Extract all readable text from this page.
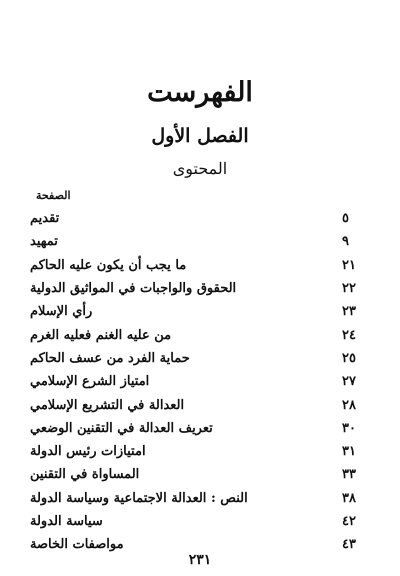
الفهرست
الفصل الأول
المحتوى
الصفحة
تقديم	٥
تمهيد	٩
ما يجب أن يكون عليه الحاكم	٢١
الحقوق والواجبات في المواثيق الدولية	٢٢
رأي الإسلام	٢٣
من عليه الغنم فعليه الغرم	٢٤
حماية الفرد من عسف الحاكم	٢٥
امتياز الشرع الإسلامي	٢٧
العدالة في التشريع الإسلامي	٢٨
تعريف العدالة في التقنين الوضعي	٣٠
امتيازات رئيس الدولة	٣١
المساواة في التقنين	٣٣
النص : العدالة الاجتماعية وسياسة الدولة	٣٨
سياسة الدولة	٤٢
مواصفات الخاصة	٤٣
٢٣١
